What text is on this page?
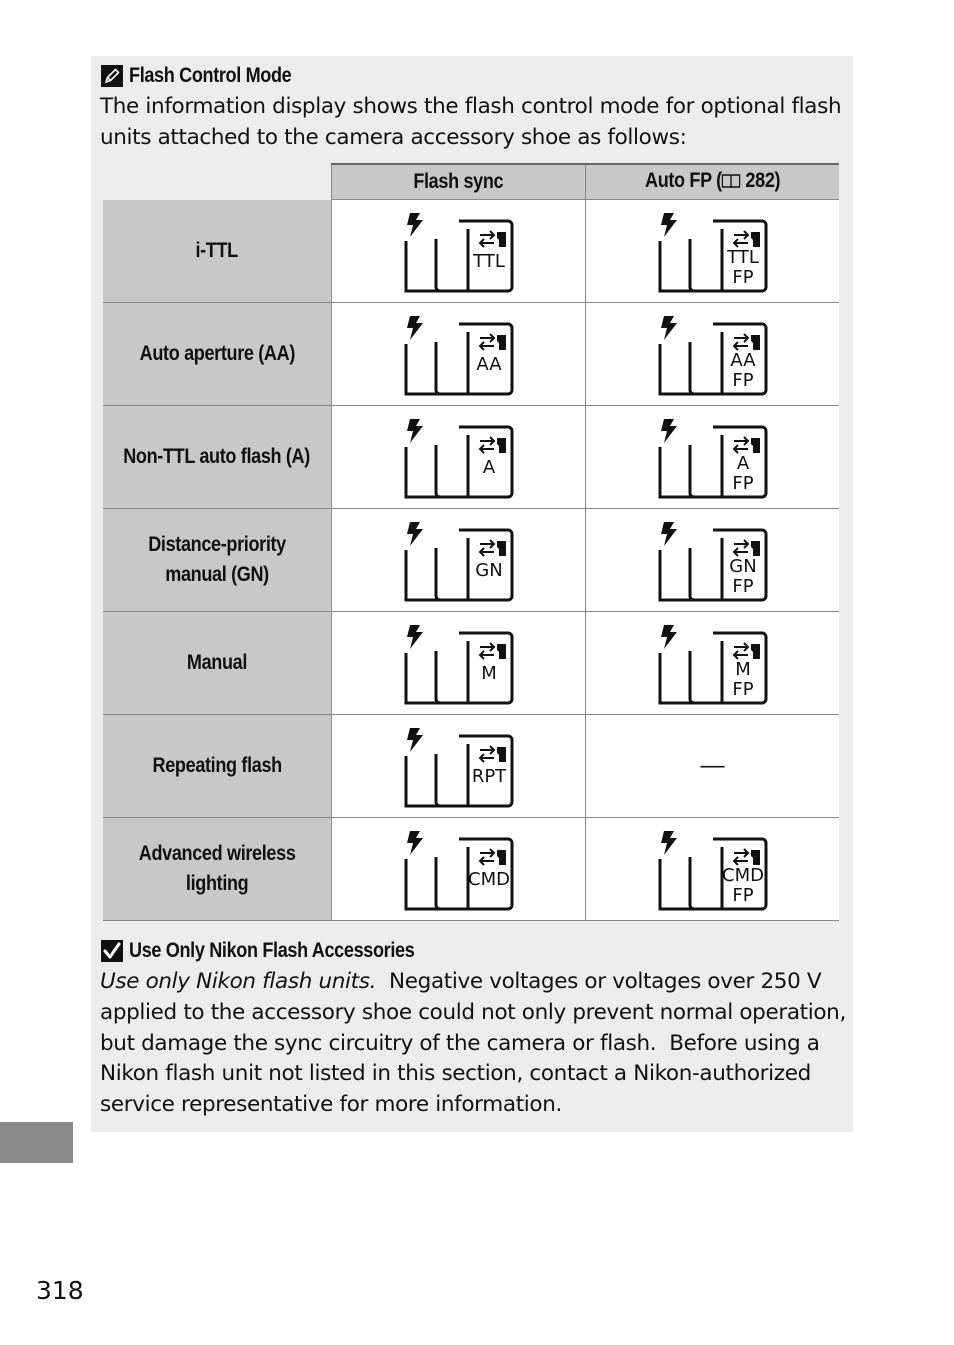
Flash Control Mode

The information display shows the flash control mode for optional flash units attached to the camera accessory shoe as follows:

	Flash sync	Auto FP ( 282)
i-TTL	TTL	TTL
FP

Auto aperture (AA)	AA	AA
FP

Non-TTL auto flash (A)	A	A
FP

Distance-priority
manual (GN)	GN	GN
FP

Manual	M	M
FP

Repeating flash	RPT	—
Advanced wireless
lighting	CMD	CMD
FP
Use Only Nikon Flash Accessories

Use only Nikon flash units.  Negative voltages or voltages over 250 V applied to the accessory shoe could not only prevent normal operation, but damage the sync circuitry of the camera or flash.  Before using a Nikon flash unit not listed in this section, contact a Nikon-authorized service representative for more information.

318
